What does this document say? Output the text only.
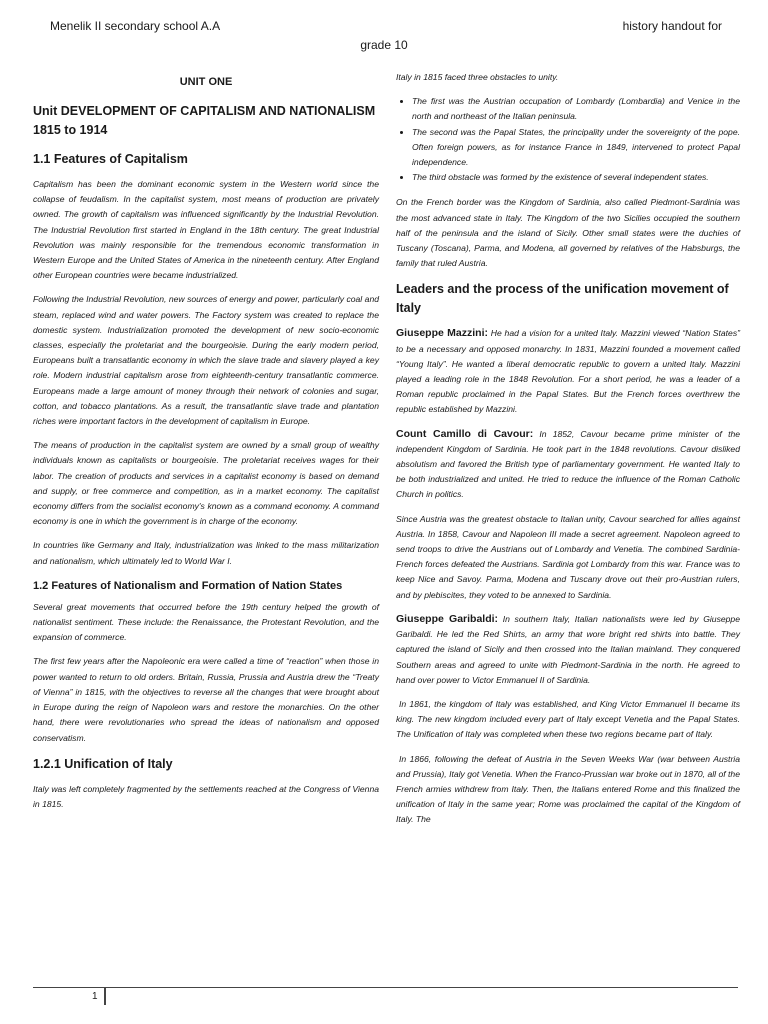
Menelik II secondary school A.A	history handout for
grade 10
UNIT ONE
Unit DEVELOPMENT OF CAPITALISM AND NATIONALISM 1815 to 1914
1.1 Features of Capitalism

Capitalism has been the dominant economic system in the Western world since the collapse of feudalism. In the capitalist system, most means of production are privately owned. The growth of capitalism was influenced significantly by the Industrial Revolution. The Industrial Revolution first started in England in the 18th century. The great Industrial Revolution was mainly responsible for the tremendous economic transformation in Western Europe and the United States of America in the nineteenth century. After England other European countries were became industrialized.

Following the Industrial Revolution, new sources of energy and power, particularly coal and steam, replaced wind and water powers. The Factory system was created to replace the domestic system. Industrialization promoted the development of new socio-economic classes, especially the proletariat and the bourgeoisie. During the early modern period, Europeans built a transatlantic economy in which the slave trade and slavery played a key role. Modern industrial capitalism arose from eighteenth-century transatlantic commerce. Europeans made a large amount of money through their network of colonies and sugar, cotton, and tobacco plantations. As a result, the transatlantic slave trade and plantation riches were important factors in the development of capitalism in Europe.

The means of production in the capitalist system are owned by a small group of wealthy individuals known as capitalists or bourgeoisie. The proletariat receives wages for their labor. The creation of products and services in a capitalist economy is based on demand and supply, or free commerce and competition, as in a market economy. The capitalist economy differs from the socialist economy's known as a command economy. A command economy is one in which the government is in charge of the economy.

In countries like Germany and Italy, industrialization was linked to the mass militarization and nationalism, which ultimately led to World War I.

1.2 Features of Nationalism and Formation of Nation States

Several great movements that occurred before the 19th century helped the growth of nationalist sentiment. These include: the Renaissance, the Protestant Revolution, and the expansion of commerce.

The first few years after the Napoleonic era were called a time of “reaction” when those in power wanted to return to old orders. Britain, Russia, Prussia and Austria drew the “Treaty of Vienna” in 1815, with the objectives to reverse all the changes that were brought about in Europe during the reign of Napoleon wars and restore the monarchies. On the other hand, there were revolutionaries who spread the ideas of nationalism and opposed conservatism.

1.2.1 Unification of Italy

Italy was left completely fragmented by the settlements reached at the Congress of Vienna in 1815.

Italy in 1815 faced three obstacles to unity.

• The first was the Austrian occupation of Lombardy (Lombardia) and Venice in the north and northeast of the Italian peninsula.
• The second was the Papal States, the principality under the sovereignty of the pope. Often foreign powers, as for instance France in 1849, intervened to protect Papal independence.
• The third obstacle was formed by the existence of several independent states.

On the French border was the Kingdom of Sardinia, also called Piedmont-Sardinia was the most advanced state in Italy. The Kingdom of the two Sicilies occupied the southern half of the peninsula and the island of Sicily. Other small states were the duchies of Tuscany (Toscana), Parma, and Modena, all governed by relatives of the Habsburgs, the family that ruled Austria.

Leaders and the process of the unification movement of Italy

Giuseppe Mazzini: He had a vision for a united Italy. Mazzini viewed “Nation States” to be a necessary and opposed monarchy. In 1831, Mazzini founded a movement called “Young Italy”. He wanted a liberal democratic republic to govern a united Italy. Mazzini played a leading role in the 1848 Revolution. For a short period, he was a leader of a Roman republic proclaimed in the Papal States. But the French forces overthrew the republic established by Mazzini.

Count Camillo di Cavour: In 1852, Cavour became prime minister of the independent Kingdom of Sardinia. He took part in the 1848 revolutions. Cavour disliked absolutism and favored the British type of parliamentary government. He wanted Italy to be both industrialized and united. He tried to reduce the influence of the Roman Catholic Church in politics.

Since Austria was the greatest obstacle to Italian unity, Cavour searched for allies against Austria. In 1858, Cavour and Napoleon III made a secret agreement. Napoleon agreed to send troops to drive the Austrians out of Lombardy and Venetia. The combined Sardinia-French forces defeated the Austrians. Sardinia got Lombardy from this war. France was to keep Nice and Savoy. Parma, Modena and Tuscany drove out their pro-Austrian rulers, and by plebiscites, they voted to be annexed to Sardinia.

Giuseppe Garibaldi: In southern Italy, Italian nationalists were led by Giuseppe Garibaldi. He led the Red Shirts, an army that wore bright red shirts into battle. They captured the island of Sicily and then crossed into the Italian mainland. They conquered Southern areas and agreed to unite with Piedmont-Sardinia in the north. He agreed to hand over power to Victor Emmanuel II of Sardinia.

In 1861, the kingdom of Italy was established, and King Victor Emmanuel II became its king. The new kingdom included every part of Italy except Venetia and the Papal States. The Unification of Italy was completed when these two regions became part of Italy.

In 1866, following the defeat of Austria in the Seven Weeks War (war between Austria and Prussia), Italy got Venetia. When the Franco-Prussian war broke out in 1870, all of the French armies withdrew from Italy. Then, the Italians entered Rome and this finalized the unification of Italy in the same year; Rome was proclaimed the capital of the Kingdom of Italy. The

1
